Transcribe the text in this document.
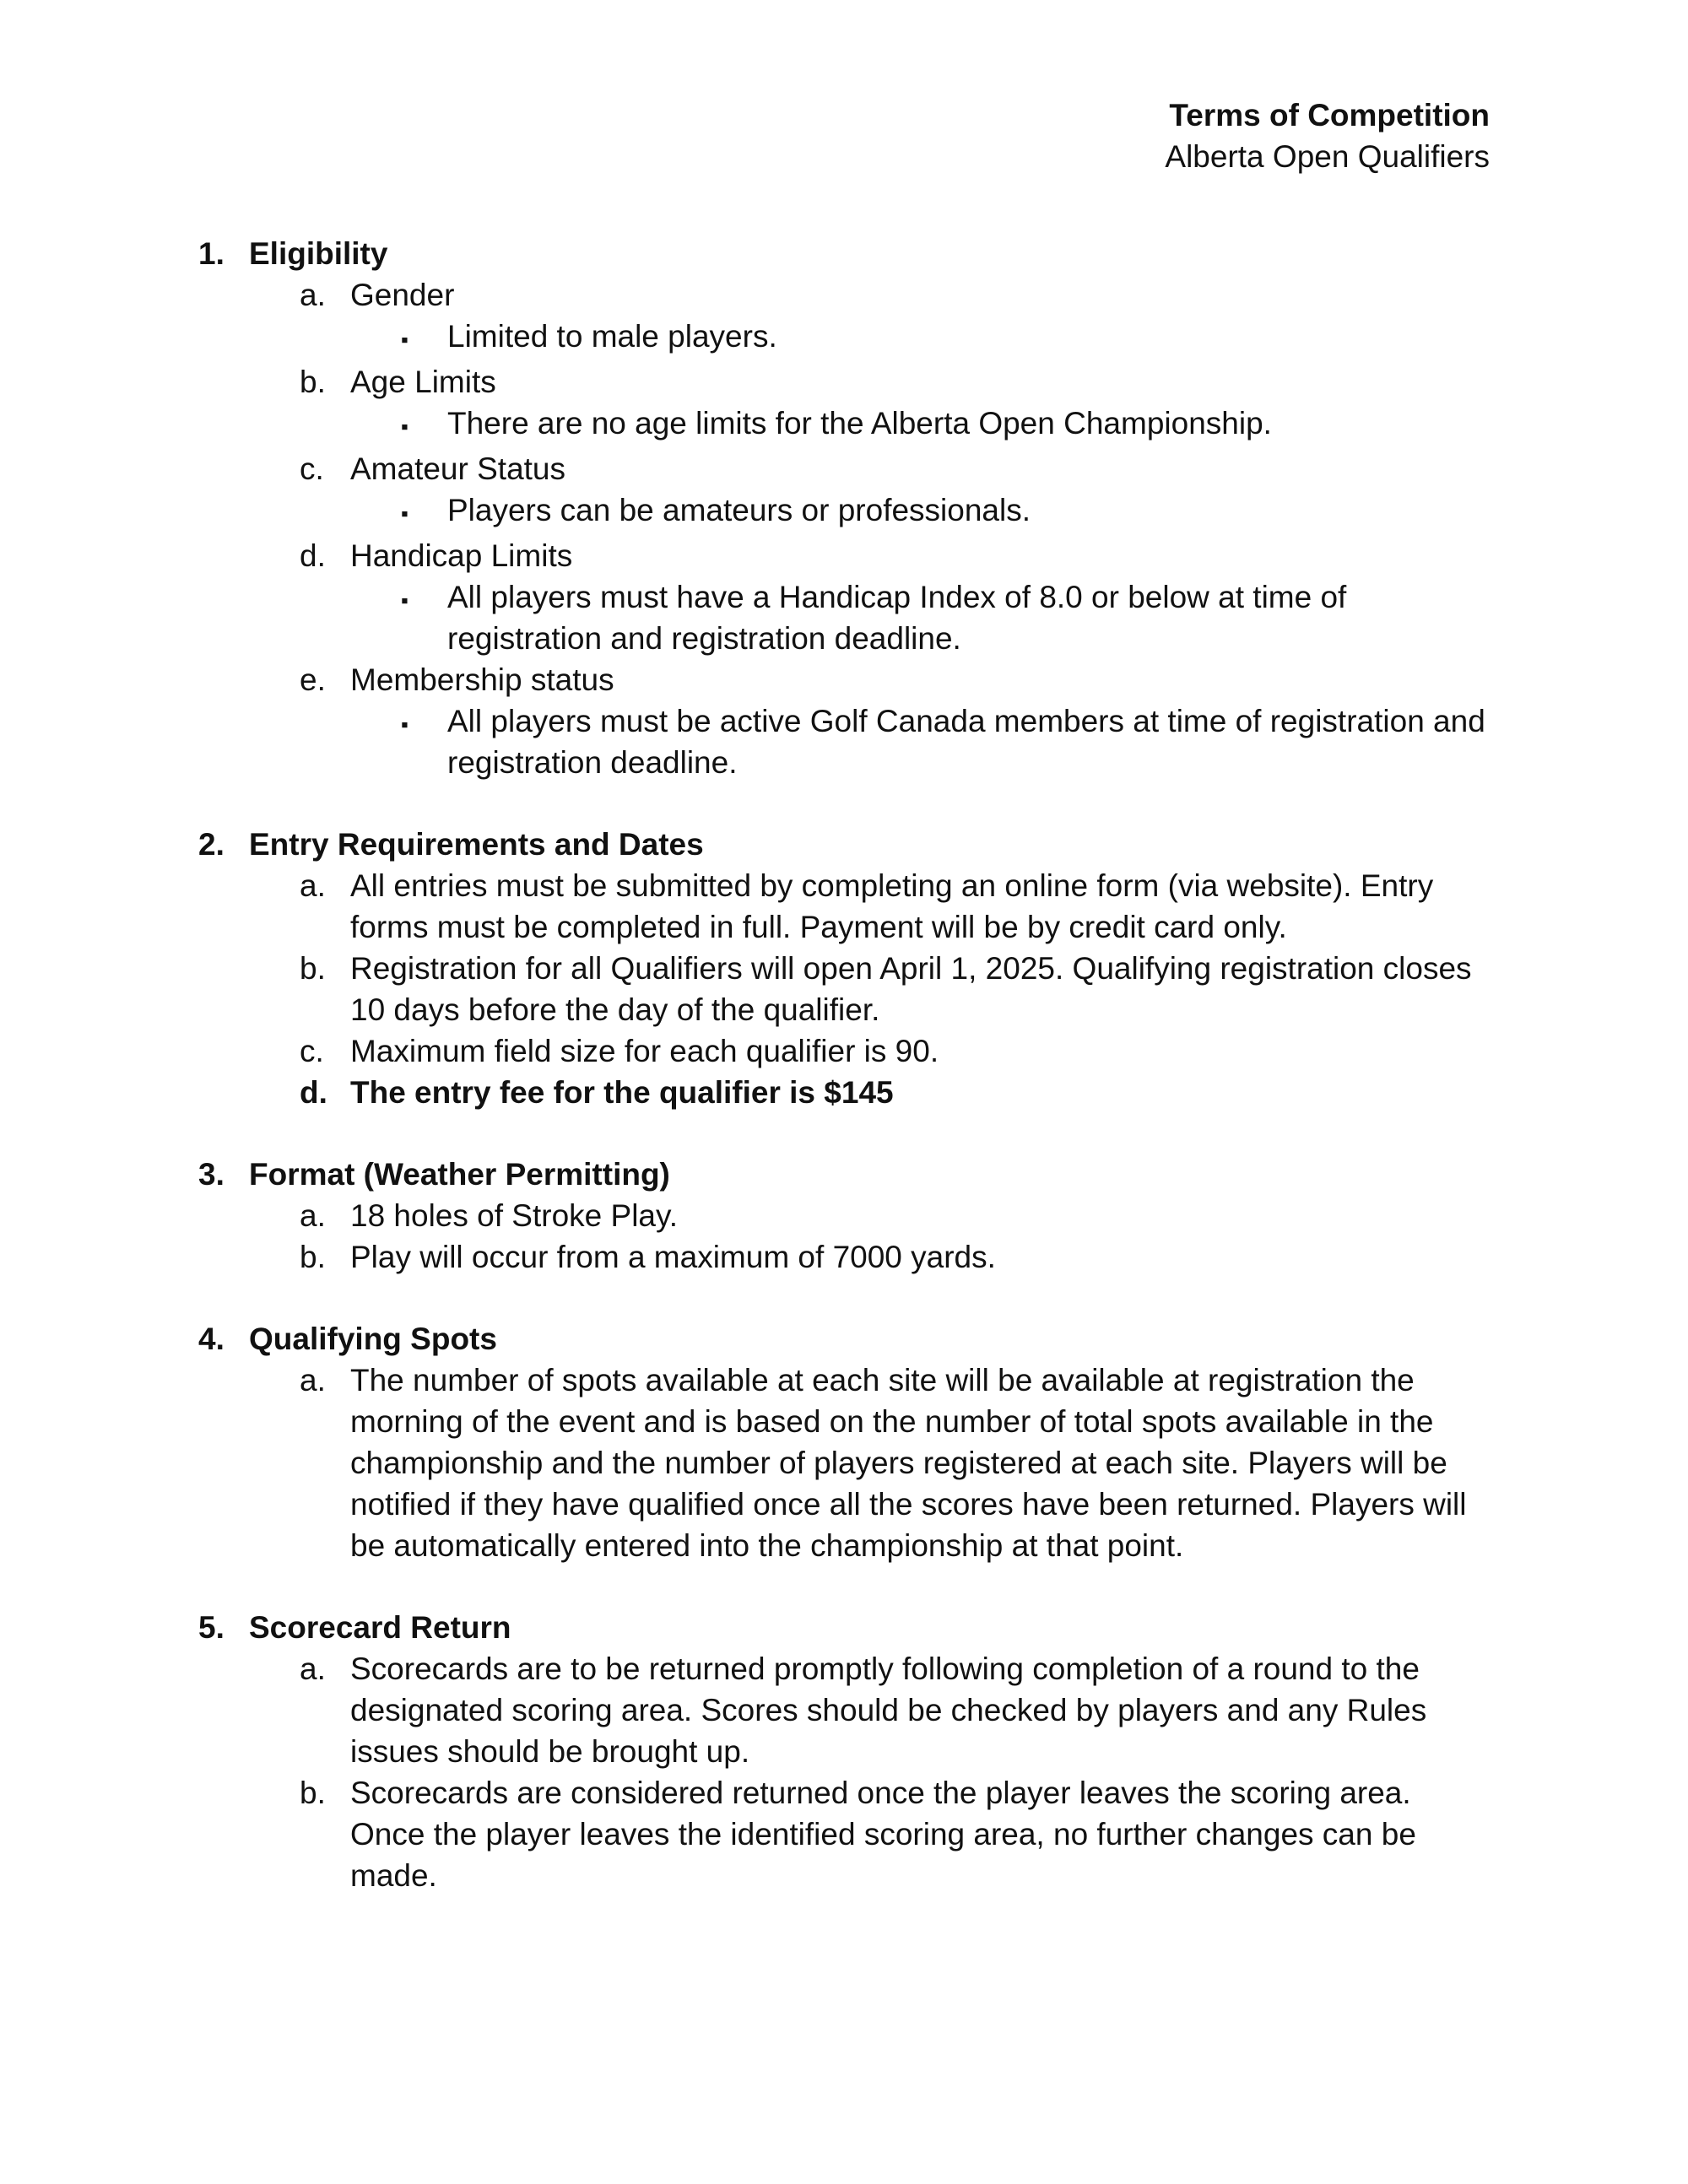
Terms of Competition
Alberta Open Qualifiers
1. Eligibility
a. Gender
▪	Limited to male players.
b. Age Limits
▪	There are no age limits for the Alberta Open Championship.
c. Amateur Status
▪	Players can be amateurs or professionals.
d. Handicap Limits
▪	All players must have a Handicap Index of 8.0 or below at time of registration and registration deadline.
e. Membership status
▪	All players must be active Golf Canada members at time of registration and registration deadline.
2. Entry Requirements and Dates
a. All entries must be submitted by completing an online form (via website). Entry forms must be completed in full. Payment will be by credit card only.
b. Registration for all Qualifiers will open April 1, 2025. Qualifying registration closes 10 days before the day of the qualifier.
c. Maximum field size for each qualifier is 90.
d. The entry fee for the qualifier is $145
3. Format (Weather Permitting)
a. 18 holes of Stroke Play.
b. Play will occur from a maximum of 7000 yards.
4. Qualifying Spots
a. The number of spots available at each site will be available at registration the morning of the event and is based on the number of total spots available in the championship and the number of players registered at each site. Players will be notified if they have qualified once all the scores have been returned. Players will be automatically entered into the championship at that point.
5. Scorecard Return
a. Scorecards are to be returned promptly following completion of a round to the designated scoring area. Scores should be checked by players and any Rules issues should be brought up.
b. Scorecards are considered returned once the player leaves the scoring area. Once the player leaves the identified scoring area, no further changes can be made.
